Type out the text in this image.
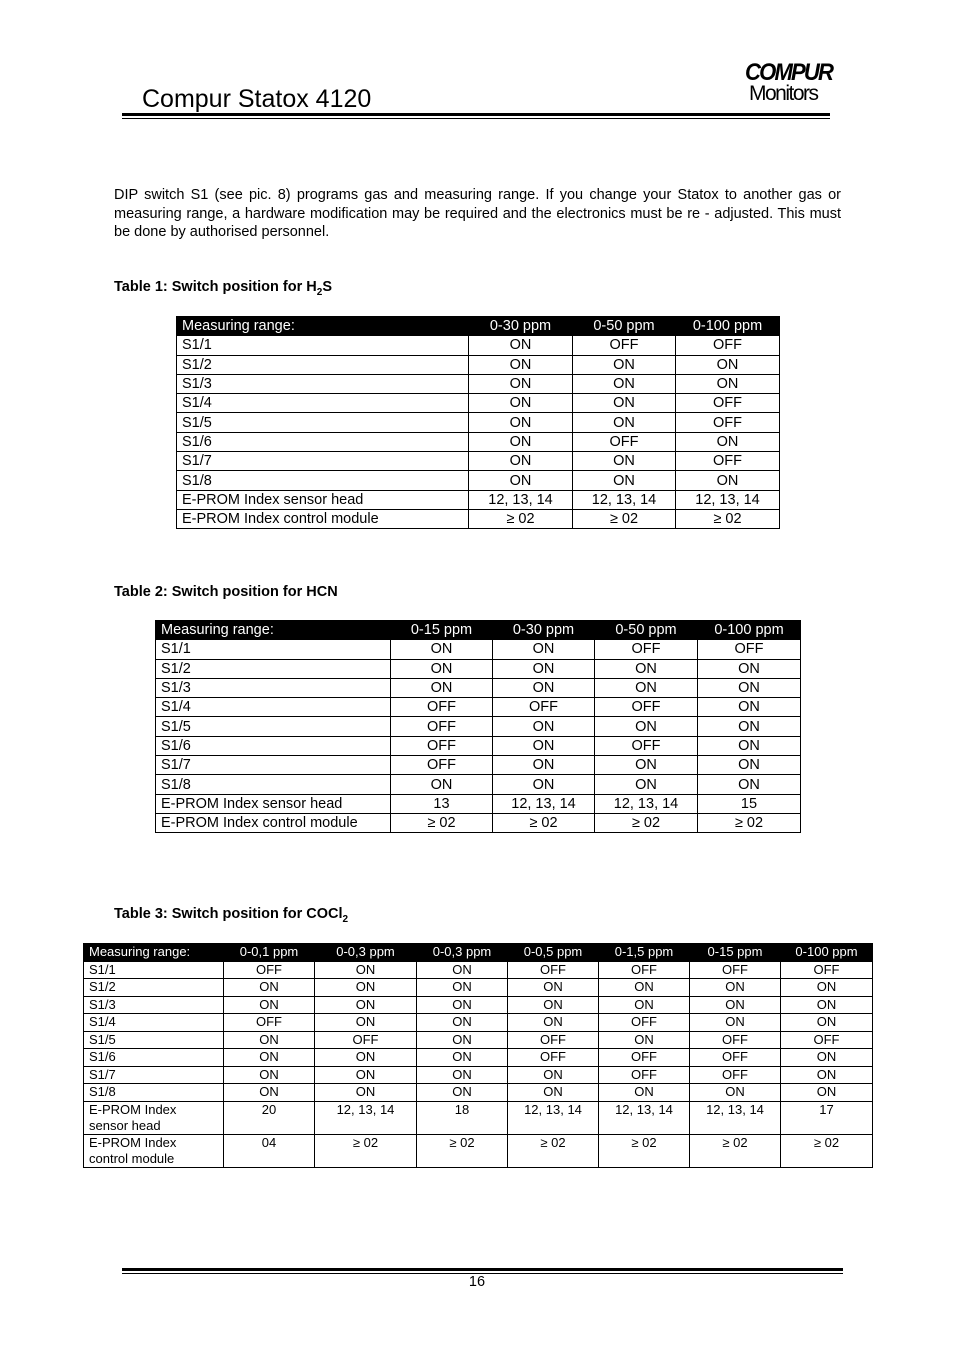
Compur Statox 4120
COMPUR
Monitors
DIP switch S1 (see pic. 8) programs gas and measuring range. If you change your Statox to another gas or measuring range, a hardware modification may be required and the electronics must be re - adjusted. This must be done by authorised personnel.
Table 1: Switch position for $H_2S$
Measuring range:	0-30 ppm	0-50 ppm	0-100 ppm
S1/1	ON	OFF	OFF
S1/2	ON	ON	ON
S1/3	ON	ON	ON
S1/4	ON	ON	OFF
S1/5	ON	ON	OFF
S1/6	ON	OFF	ON
S1/7	ON	ON	OFF
S1/8	ON	ON	ON
E-PROM Index sensor head	12, 13, 14	12, 13, 14	12, 13, 14
E-PROM Index control module	≥ 02	≥ 02	≥ 02
Table 2: Switch position for HCN
Measuring range:	0-15 ppm	0-30 ppm	0-50 ppm	0-100 ppm
S1/1	ON	ON	OFF	OFF
S1/2	ON	ON	ON	ON
S1/3	ON	ON	ON	ON
S1/4	OFF	OFF	OFF	ON
S1/5	OFF	ON	ON	ON
S1/6	OFF	ON	OFF	ON
S1/7	OFF	ON	ON	ON
S1/8	ON	ON	ON	ON
E-PROM Index sensor head	13	12, 13, 14	12, 13, 14	15
E-PROM Index control module	≥ 02	≥ 02	≥ 02	≥ 02
Table 3: Switch position for COCl$_2$
Measuring range:	0-0,1 ppm	0-0,3 ppm	0-0,3 ppm	0-0,5 ppm	0-1,5 ppm	0-15 ppm	0-100 ppm
S1/1	OFF	ON	ON	OFF	OFF	OFF	OFF
S1/2	ON	ON	ON	ON	ON	ON	ON
S1/3	ON	ON	ON	ON	ON	ON	ON
S1/4	OFF	ON	ON	ON	OFF	ON	ON
S1/5	ON	OFF	ON	OFF	ON	OFF	OFF
S1/6	ON	ON	ON	OFF	OFF	OFF	ON
S1/7	ON	ON	ON	ON	OFF	OFF	ON
S1/8	ON	ON	ON	ON	ON	ON	ON
E-PROM Index sensor head	20	12, 13, 14	18	12, 13, 14	12, 13, 14	12, 13, 14	17
E-PROM Index control module	04	≥ 02	≥ 02	≥ 02	≥ 02	≥ 02	≥ 02
16
